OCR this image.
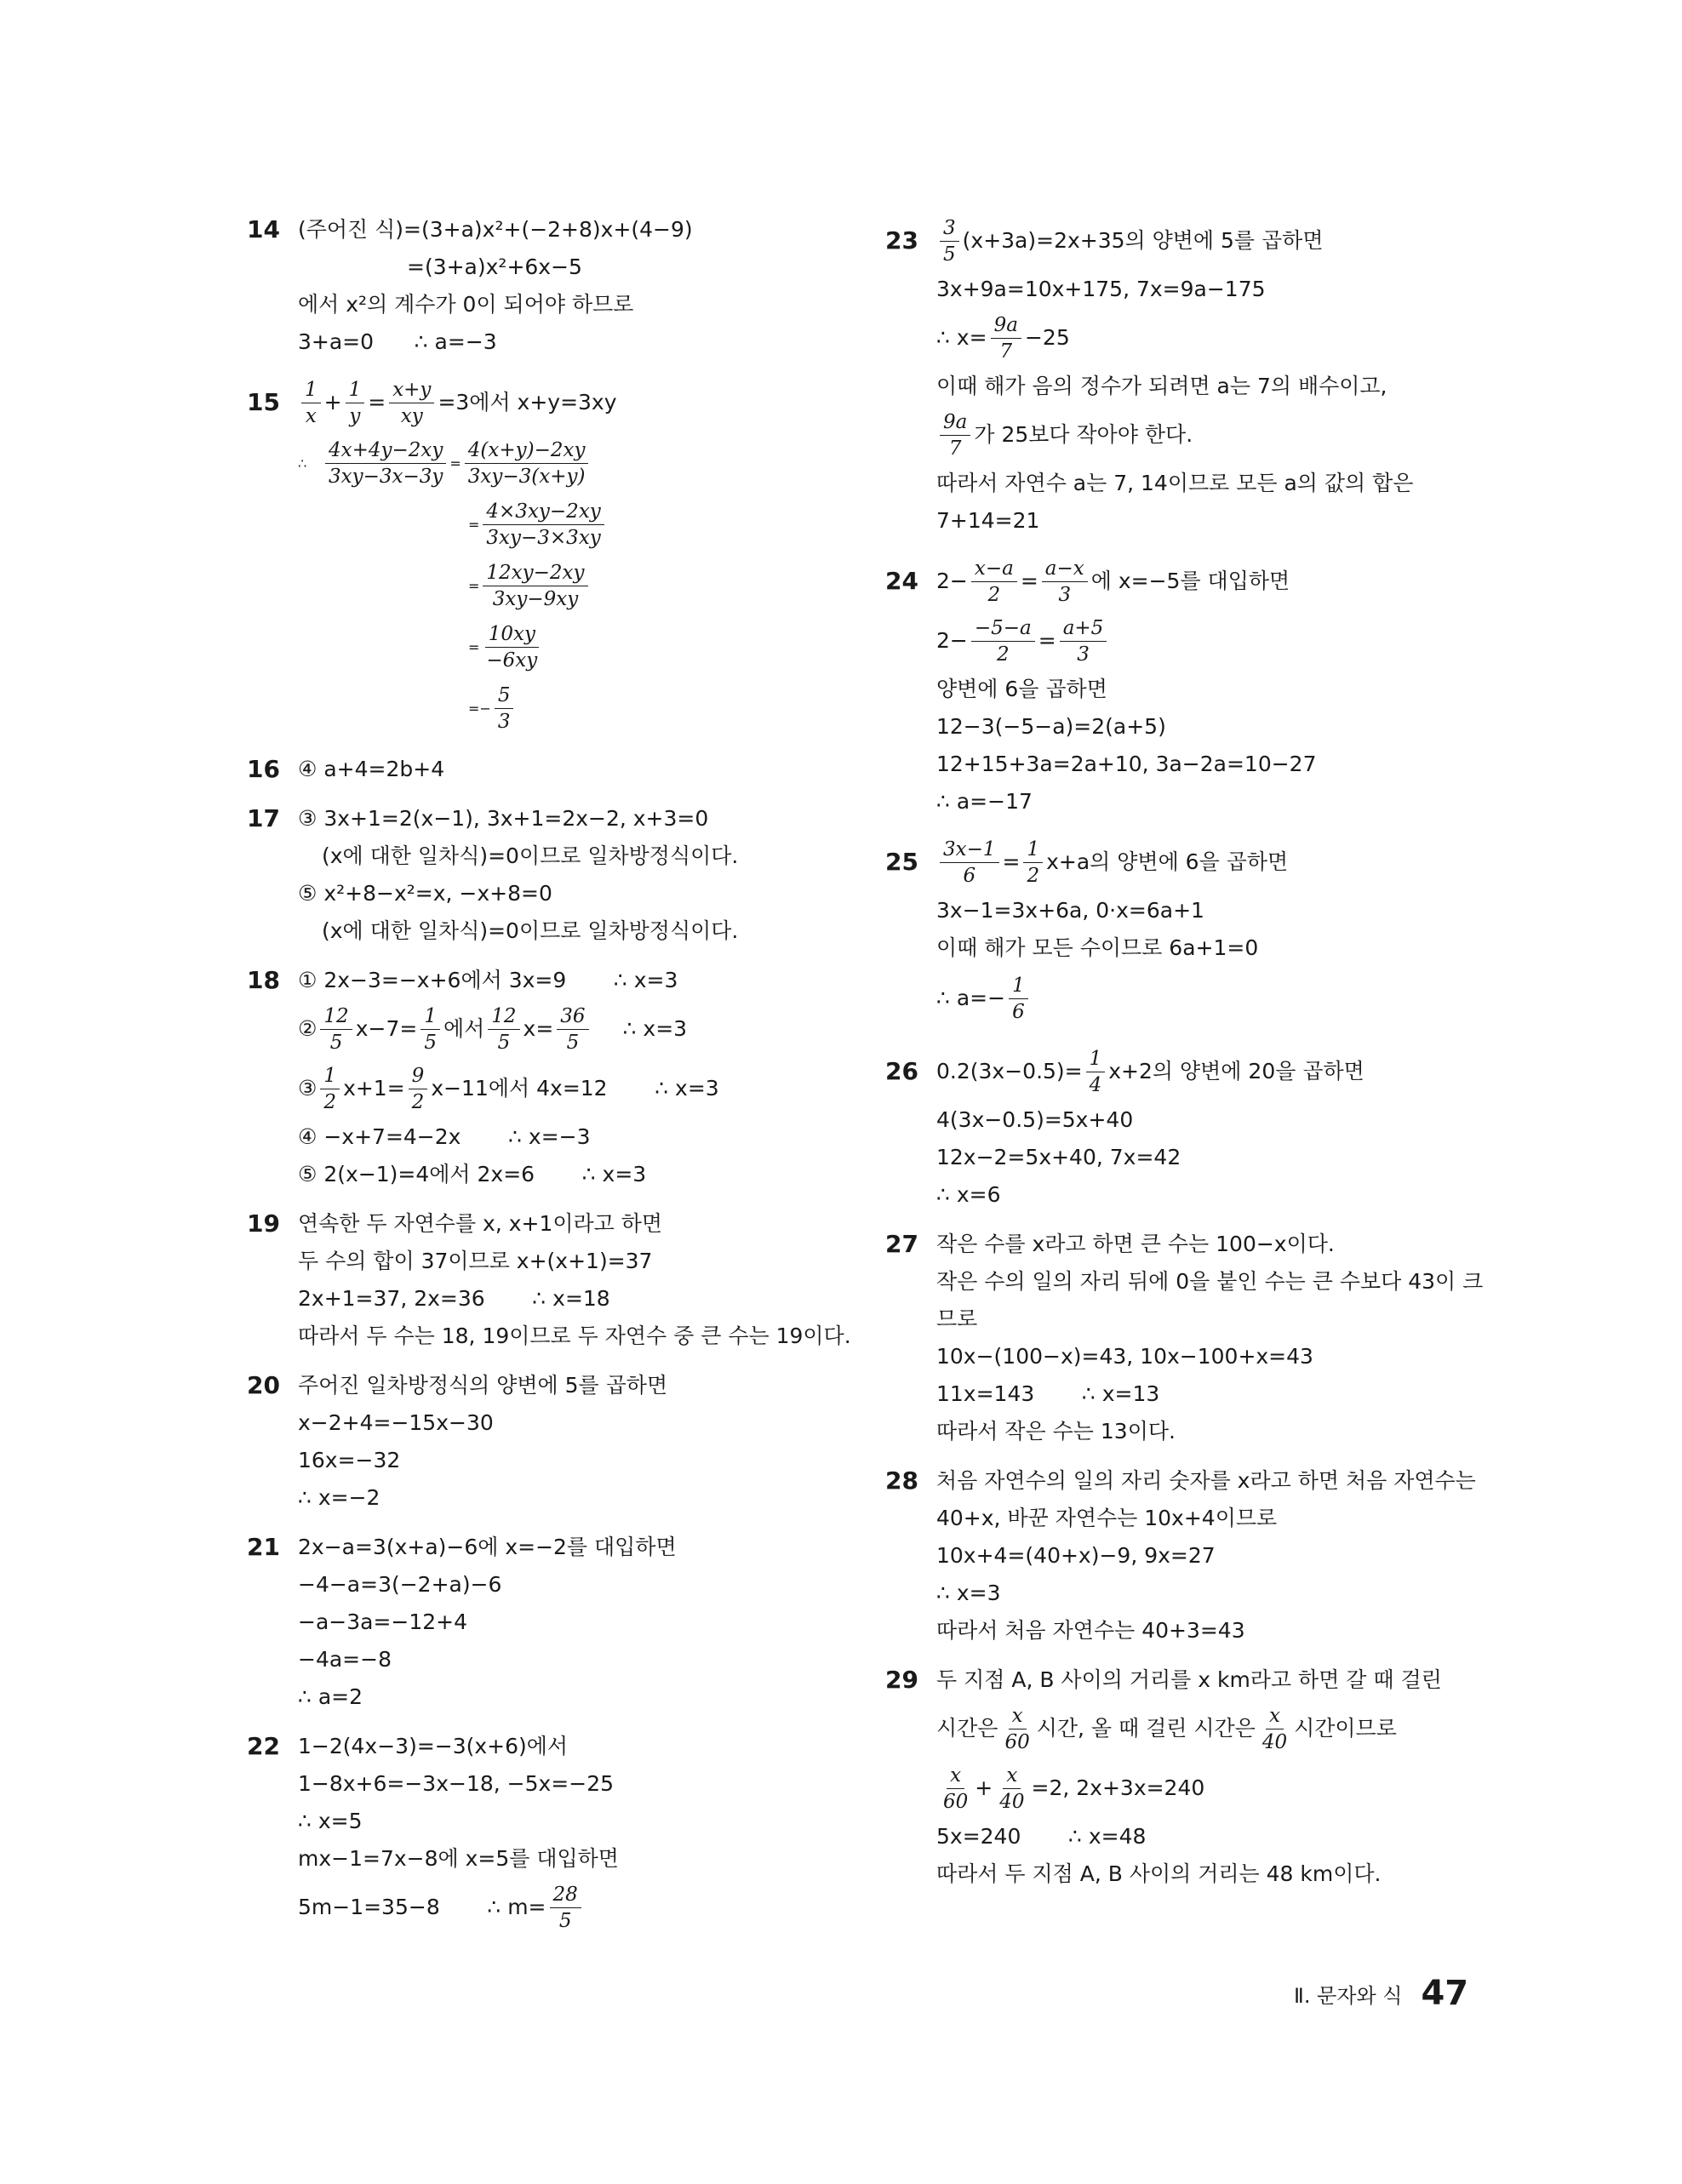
14 (주어진 식)=(3+a)x²+(−2+8)x+(4−9)
=(3+a)x²+6x−5
에서 x²의 계수가 0이 되어야 하므로
3+a=0      ∴ a=−3
$15 \frac{1}{x} + \frac{1}{y} = \frac{x+y}{xy} =3$에서 x+y=3xy
∴ $\frac{4x+4y-2xy}{3xy-3x-3y} = \frac{4(x+y)-2xy}{3xy-3(x+y)}$
= $\frac{4\times 3xy-2xy}{3xy-3\times 3xy}$
= $\frac{12xy-2xy}{3xy-9xy}$
= $\frac{10xy}{-6xy}$
=− $\frac{5}{3}$
16 ④ a+4=2b+4
17 ③ 3x+1=2(x−1), 3x+1=2x−2, x+3=0
(x에 대한 일차식)=0이므로 일차방정식이다.
⑤ x²+8−x²=x, −x+8=0
(x에 대한 일차식)=0이므로 일차방정식이다.
18 ① 2x−3=−x+6에서 3x=9       ∴ x=3
② $\frac{12}{5} x-7= \frac{1}{5}$ 에서 $\frac{12}{5} x= \frac{36}{5}$ ∴ x=3
③ $\frac{1}{2} x+1= \frac{9}{2} x-11$에서 4x=12       ∴ x=3
④ −x+7=4−2x       ∴ x=−3
⑤ 2(x−1)=4에서 2x=6       ∴ x=3
19 연속한 두 자연수를 x, x+1이라고 하면
두 수의 합이 37이므로 x+(x+1)=37
2x+1=37, 2x=36       ∴ x=18
따라서 두 수는 18, 19이므로 두 자연수 중 큰 수는 19이다.
20 주어진 일차방정식의 양변에 5를 곱하면
x−2+4=−15x−30
16x=−32
∴ x=−2
21 2x−a=3(x+a)−6에 x=−2를 대입하면
−4−a=3(−2+a)−6
−a−3a=−12+4
−4a=−8
∴ a=2
22 1−2(4x−3)=−3(x+6)에서
1−8x+6=−3x−18, −5x=−25
∴ x=5
mx−1=7x−8에 x=5를 대입하면
5m−1=35−8       ∴ $m= \frac{28}{5}$
$23 \frac{3}{5} (x+3a)=2x+35$의 양변에 5를 곱하면
3x+9a=10x+175, 7x=9a−175
∴ $x= \frac{9a}{7} -25$
이때 해가 음의 정수가 되려면 a는 7의 배수이고,
$\frac{9a}{7}$ 가 25보다 작아야 한다.
따라서 자연수 a는 7, 14이므로 모든 a의 값의 합은
7+14=21
24 $2- \frac{x-a}{2} = \frac{a-x}{3}$ 에 x=−5를 대입하면
$2- \frac{-5-a}{2} = \frac{a+5}{3}$
양변에 6을 곱하면
12−3(−5−a)=2(a+5)
12+15+3a=2a+10, 3a−2a=10−27
∴ a=−17
$25 \frac{3x-1}{6} = \frac{1}{2} x+a$의 양변에 6을 곱하면
3x−1=3x+6a, 0·x=6a+1
이때 해가 모든 수이므로 6a+1=0
∴ $a=- \frac{1}{6}$
26 $0.2(3x-0.5)= \frac{1}{4} x+2$의 양변에 20을 곱하면
4(3x−0.5)=5x+40
12x−2=5x+40, 7x=42
∴ x=6
27 작은 수를 x라고 하면 큰 수는 100−x이다.
작은 수의 일의 자리 뒤에 0을 붙인 수는 큰 수보다 43이 크
므로
10x−(100−x)=43, 10x−100+x=43
11x=143       ∴ x=13
따라서 작은 수는 13이다.
28 처음 자연수의 일의 자리 숫자를 x라고 하면 처음 자연수는
40+x, 바꾼 자연수는 10x+4이므로
10x+4=(40+x)−9, 9x=27
∴ x=3
따라서 처음 자연수는 40+3=43
29 두 지점 A, B 사이의 거리를 x km라고 하면 갈 때 걸린
시간은 $\frac{x}{60}$ 시간, 올 때 걸린 시간은 $\frac{x}{40}$ 시간이므로
$\frac{x}{60} + \frac{x}{40} =2$, 2x+3x=240
5x=240       ∴ x=48
따라서 두 지점 A, B 사이의 거리는 48 km이다.
Ⅱ. 문자와 식 47
